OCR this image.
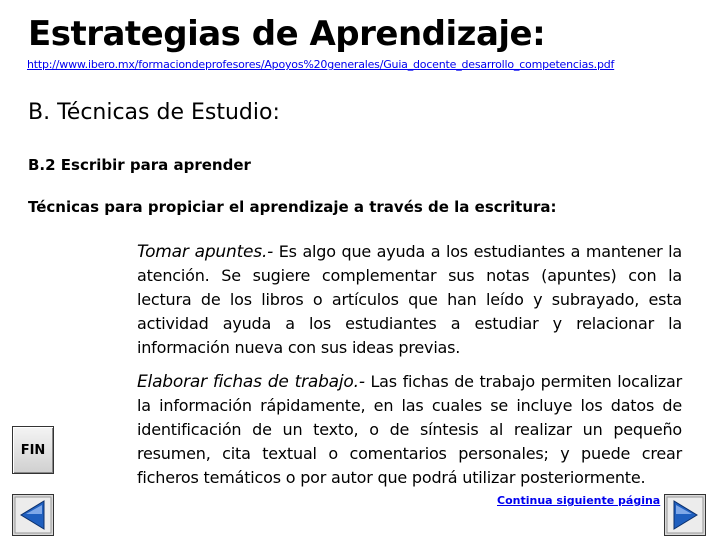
Estrategias de Aprendizaje:
http://www.ibero.mx/formaciondeprofesores/Apoyos%20generales/Guia_docente_desarrollo_competencias.pdf
B. Técnicas de Estudio:
B.2 Escribir para aprender
Técnicas para propiciar el aprendizaje a través de la escritura:

Tomar apuntes.- Es algo que ayuda a los estudiantes a mantener la atención. Se sugiere complementar sus notas (apuntes) con la lectura de los libros o artículos que han leído y subrayado, esta actividad ayuda a los estudiantes a estudiar y relacionar la información nueva con sus ideas previas.

Elaborar fichas de trabajo.- Las fichas de trabajo permiten localizar la información rápidamente, en las cuales se incluye los datos de identificación de un texto, o de síntesis al realizar un pequeño resumen, cita textual o comentarios personales; y puede crear ficheros temáticos o por autor que podrá utilizar posteriormente.

Continua siguiente página
FIN
